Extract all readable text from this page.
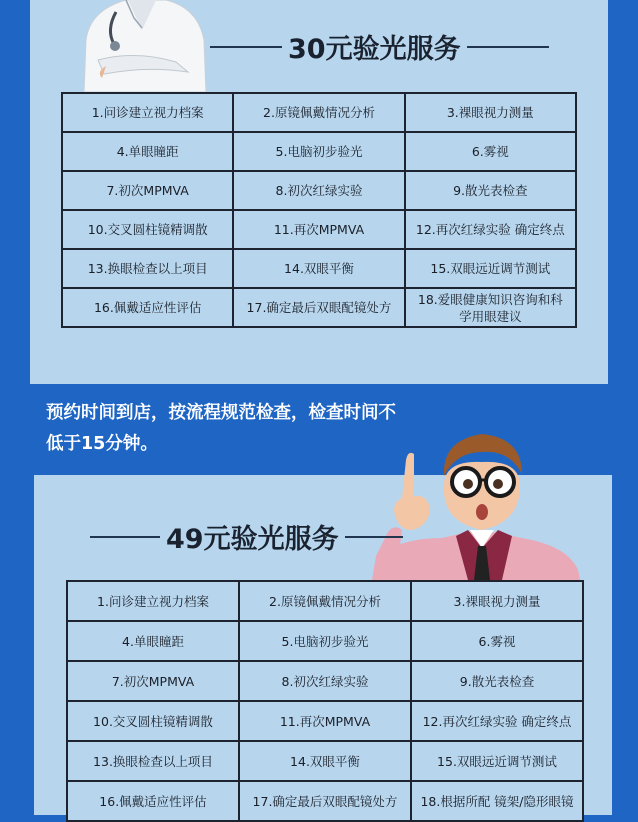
30元验光服务
1.问诊建立视力档案	2.原镜佩戴情况分析	3.裸眼视力测量
4.单眼瞳距	5.电脑初步验光	6.雾视
7.初次MPMVA	8.初次红绿实验	9.散光表检查
10.交叉圆柱镜精调散	11.再次MPMVA	12.再次红绿实验 确定终点
13.换眼检查以上项目	14.双眼平衡	15.双眼远近调节测试
16.佩戴适应性评估	17.确定最后双眼配镜处方	18.爱眼健康知识咨询和科学用眼建议
预约时间到店，按流程规范检查，检查时间不
低于15分钟。
49元验光服务
1.问诊建立视力档案	2.原镜佩戴情况分析	3.裸眼视力测量
4.单眼瞳距	5.电脑初步验光	6.雾视
7.初次MPMVA	8.初次红绿实验	9.散光表检查
10.交叉圆柱镜精调散	11.再次MPMVA	12.再次红绿实验 确定终点
13.换眼检查以上项目	14.双眼平衡	15.双眼远近调节测试
16.佩戴适应性评估	17.确定最后双眼配镜处方	18.根据所配 镜架/隐形眼镜
